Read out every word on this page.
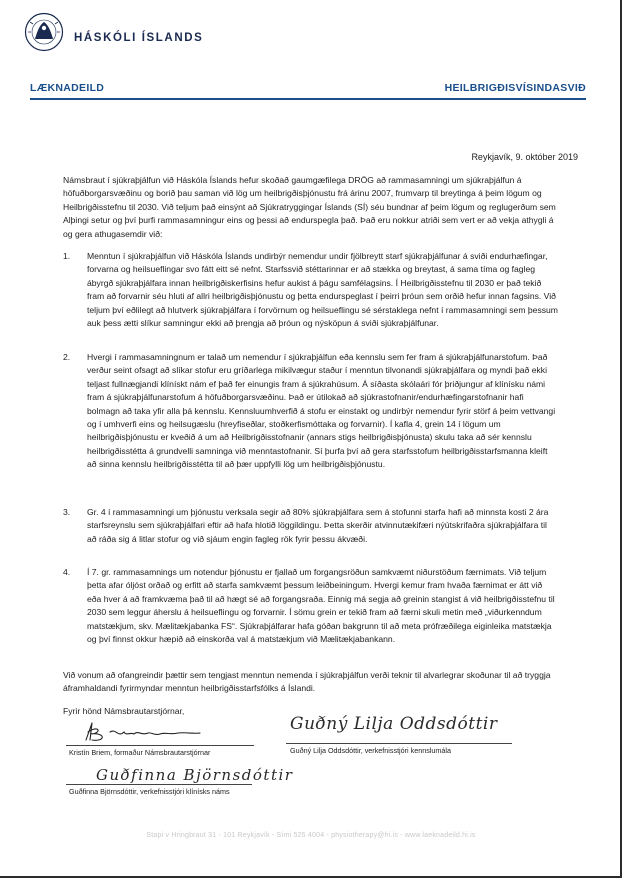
HÁSKÓLI ÍSLANDS
LÆKNADEILD	HEILBRIGÐISVÍSINDASVIÐ
Reykjavík, 9. október 2019

Námsbraut í sjúkraþjálfun við Háskóla Íslands hefur skoðað gaumgæfilega DRÖG að rammasamningi um sjúkraþjálfun á höfuðborgarsvæðinu og borið þau saman við lög um heilbrigðisþjónustu frá árinu 2007, frumvarp til breytinga á þeim lögum og Heilbrigðisstefnu til 2030. Við teljum það einsýnt að Sjúkratryggingar Íslands (SÍ) séu bundnar af þeim lögum og reglugerðum sem Alþingi setur og því þurfi rammasamningur eins og þessi að endurspegla það. Það eru nokkur atriði sem vert er að vekja athygli á og gera athugasemdir við:

1. Menntun í sjúkraþjálfun við Háskóla Íslands undirbýr nemendur undir fjölbreytt starf sjúkraþjálfunar á sviði endurhæfingar, forvarna og heilsueflingar svo fátt eitt sé nefnt. Starfssvið stéttarinnar er að stækka og breytast, á sama tíma og fagleg ábyrgð sjúkraþjálfara innan heilbrigðiskerfisins hefur aukist á þágu samfélagsins. Í Heilbrigðisstefnu til 2030 er það tekið fram að forvarnir séu hluti af allri heilbrigðisþjónustu og þetta endurspeglast í þeirri þróun sem orðið hefur innan fagsins. Við teljum því eðlilegt að hlutverk sjúkraþjálfara í forvörnum og heilsueflingu sé sérstaklega nefnt í rammasamningi sem þessum auk þess ætti slíkur samningur ekki að þrengja að þróun og nýsköpun á sviði sjúkraþjálfunar.

2. Hvergi í rammasamningnum er talað um nemendur í sjúkraþjálfun eða kennslu sem fer fram á sjúkraþjálfunarstofum. Það verður seint ofsagt að slíkar stofur eru gríðarlega mikilvægur staður í menntun tilvonandi sjúkraþjálfara og myndi það ekki teljast fullnægjandi klínískt nám ef það fer einungis fram á sjúkrahúsum. Á síðasta skólaári fór þriðjungur af klínísku námi fram á sjúkraþjálfunarstofum á höfuðborgarsvæðinu. Það er útilokað að sjúkrastofnanir/endurhæfingarstofnanir hafi bolmagn að taka yfir alla þá kennslu. Kennsluumhverfið á stofu er einstakt og undirbýr nemendur fyrir störf á þeim vettvangi og í umhverfi eins og heilsugæslu (hreyfiseðlar, stoðkerfismóttaka og forvarnir). Í kafla 4, grein 14 í lögum um heilbrigðisþjónustu er kveðið á um að Heilbrigðisstofnanir (annars stigs heilbrigðisþjónusta) skulu taka að sér kennslu heilbrigðisstétta á grundvelli samninga við menntastofnanir. Sí þurfa því að gera starfsstofum heilbrigðisstarfsmanna kleift að sinna kennslu heilbrigðisstétta til að þær uppfylli lög um heilbrigðisþjónustu.

3. Gr. 4 í rammasamningi um þjónustu verksala segir að 80% sjúkraþjálfara sem á stofunni starfa hafi að minnsta kosti 2 ára starfsreynslu sem sjúkraþjálfari eftir að hafa hlotið löggildingu. Þetta skerðir atvinnutækifæri nýútskrifaðra sjúkraþjálfara til að ráða sig á litlar stofur og við sjáum engin fagleg rök fyrir þessu ákvæði.

4. Í 7. gr. rammasamnings um notendur þjónustu er fjallað um forgangsröðun samkvæmt niðurstöðum færnimats. Við teljum þetta afar óljóst orðað og erfitt að starfa samkvæmt þessum leiðbeiningum. Hvergi kemur fram hvaða færnimat er átt við eða hver á að framkvæma það til að hægt sé að forgangsraða. Einnig má segja að greinin stangist á við heilbrigðisstefnu til 2030 sem leggur áherslu á heilsueflingu og forvarnir. Í sömu grein er tekið fram að færni skuli metin með „viðurkenndum matstækjum, skv. Mælitækjabanka FS“. Sjúkraþjálfarar hafa góðan bakgrunn til að meta prófræðilega eiginleika matstækja og því finnst okkur hæpið að einskorða val á matstækjum við Mælitækjabankann.

Við vonum að ofangreindir þættir sem tengjast menntun nemenda í sjúkraþjálfun verði teknir til alvarlegrar skoðunar til að tryggja áframhaldandi fyrirmyndar menntun heilbrigðisstarfsfólks á Íslandi.

Fyrir hönd Námsbrautarstjórnar,
Kristín Briem, formaður Námsbrautarstjórnar
Guðný Lilja Oddsdóttir
Guðný Lilja Oddsdóttir, verkefnisstjóri kennslumála
Guðfinna Björnsdóttir
Guðfinna Björnsdóttir, verkefnisstjóri klínísks náms
Stapi v Hringbraut 31 - 101 Reykjavík - Sími 525 4004 - physiotherapy@hi.is - www.laeknadeild.hi.is
